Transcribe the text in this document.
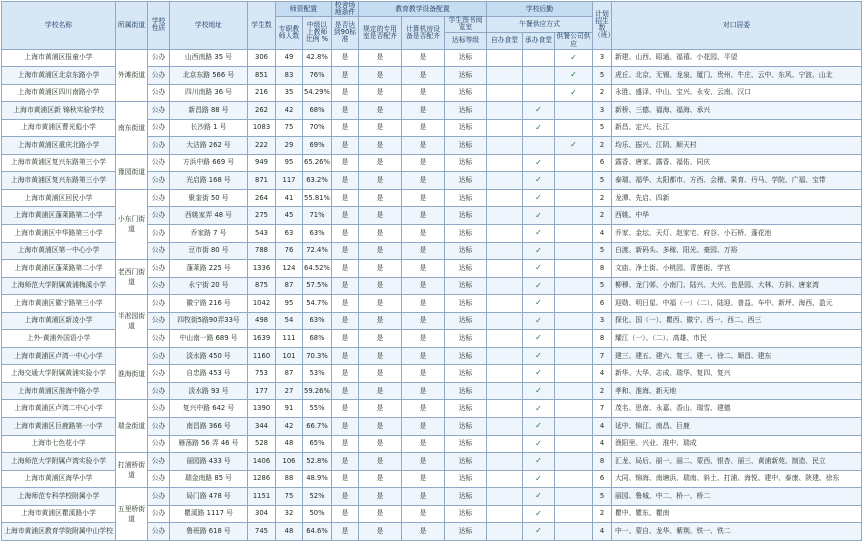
学校名称	所属街道	学校性质	学校地址	学生数	师资配置		校舍场地条件	教育教学设备配置			学校后勤			计划招生数（班）	对口居委
					专职教师人数	中级以上教师比例 %	是否达到90标准	规定的专用室是否配齐	计算机房设备是否配齐	学生图书阅览室	午餐供应方式				
										达标等级	自办食堂	承办食堂	供餐公司供应		
上海市黄浦区报童小学	外滩街道	公办	山西南路 35 号	306	49	42.8%	是	是	是	达标			✓	3	新建、山西、昭通、福禧、小花园、平望
上海市黄浦区北京东路小学		公办	北京东路 566 号	851	83	76%	是	是	是	达标			✓	5	虎丘、北京、无锡、龙泉、厦门、贵州、牛庄、云中、东风、宁波、山北
上海市黄浦区四川南路小学		公办	四川南路 36 号	216	35	54.29%	是	是	是	达标			✓	2	永胜、盛泽、中山、宝兴、永安、云南、汉口
上海市黄浦区新 锦秋实验学校	南东街道	公办	新昌路 88 号	262	42	68%	是	是	是	达标		✓		3	新桥、三德、福海、福海、承兴
上海市黄浦区曹光彪小学		公办	长沙路 1 号	1083	75	70%	是	是	是	达标		✓		5	新昌、定兴、长江
上海市黄浦区重庆北路小学		公办	大沽路 262 号	222	29	69%	是	是	是	达标			✓	2	均乐、振兴、江阴、顺天村
上海市黄浦区复兴东路第三小学	豫园街道	公办	方浜中路 669 号	949	95	65.26%	是	是	是	达标		✓		6	露香、唐家、露香、福佑、同庆
上海市黄浦区复兴东路第三小学		公办	光启路 168 号	871	117	63.2%	是	是	是	达标		✓		5	泰瑞、福华、太阳都市、方西、会稽、果育、丹马、学院、广福、宝带
上海市黄浦区回民小学	小东门街道	公办	聚奎街 50 号	264	41	55.81%	是	是	是	达标		✓		2	龙潭、先启、四新
上海市黄浦区蓬莱路第二小学		公办	西姚家弄 48 号	275	45	71%	是	是	是	达标		✓		2	西姚、中华
上海市黄浦区中华路第三小学		公办	乔家路 7 号	543	63	63%	是	是	是	达标		✓		4	乔家、金坛、天灯、赵家宅、府谷、小石桥、蓬花池
上海市黄浦区第一中心小学		公办	豆市街 80 号	788	76	72.4%	是	是	是	达标		✓		5	白渡、新码头、多稼、阳光、豪园、万裕
上海市黄浦区蓬莱路第二小学	老西门街道	公办	蓬莱路 225 号	1336	124	64.52%	是	是	是	达标		✓		8	文庙、净土街、小桃园、青莲街、学宫
上海师范大学附属黄浦梅溪小学		公办	永宁街 20 号	875	87	57.5%	是	是	是	达标		✓		5	柳穆、龙门邨、小南门、陆兴、大兴、也是园、大林、方斜、唐家湾
上海市黄浦区徽宁路第三小学	半淞园街道	公办	徽宁路 216 号	1042	95	54.7%	是	是	是	达标		✓		6	迎勋、明日星、中福（一）（二）、陆迎、普益、车中、新坪、海西、盈元
上海市黄浦区新凌小学		公办	四牧街5路90弄33号	498	54	63%	是	是	是	达标		✓		3	探化、国（一）、瞿西、徽宁、西一、西二、西三
上外-黄浦外国语小学		公办	中山南一路 689 号	1639	111	68%	是	是	是	达标		✓		8	耀江（一）、（二）、高雄、市民
上海市黄浦区卢湾一中心小学	淮海街道	公办	淡水路 450 号	1160	101	70.3%	是	是	是	达标		✓		7	建三、建五、建六、复三、建一、徐二、顺昌、建东
上海交通大学附属黄浦实验小学		公办	自忠路 453 号	753	87	53%	是	是	是	达标		✓		4	新华、大华、志成、瑞华、复四、复兴
上海市黄浦区淮海中路小学		公办	淡水路 93 号	177	27	59.26%	是	是	是	达标		✓		2	孝和、淮海、新天地
上海市黄浦区卢湾二中心小学	瑞金街道	公办	复兴中路 642 号	1390	91	55%	是	是	是	达标		✓		7	茂名、思南、永嘉、香山、瑞雪、建德
上海市黄浦区巨鹿路第一小学		公办	南昌路 366 号	344	42	66.7%	是	是	是	达标		✓		4	延中、锦江、南昌、巨鹿
上海市七色花小学		公办	雁荡路 56 弄 46 号	528	48	65%	是	是	是	达标		✓		4	渔阳里、兴业、淮中、瑞成
上海师范大学附属卢湾实验小学	打浦桥街道	公办	丽园路 433 号	1406	106	52.8%	是	是	是	达标		✓		8	汇龙、局后、丽一、丽二、蒙西、银杏、丽三、黄浦新苑、制造、民立
上海市黄浦区海华小学		公办	瑞金南路 85 号	1286	88	48.9%	是	是	是	达标		✓		6	大同、锦海、南塘浜、瑞南、斜土、打浦、海悦、建中、泰康、陕建、徐东
上海师范专科学校附属小学	五里桥街道	公办	局门路 478 号	1151	75	52%	是	是	是	达标		✓		5	丽园、鲁城、中二、桥一、桥二
上海市黄浦区瞿溪路小学		公办	瞿溪路 1117 号	304	32	50%	是	是	是	达标		✓		2	瞿中、瞿东、瞿南
上海市黄浦区教育学院附属中山学校		公办	鲁班路 618 号	745	48	64.6%	是	是	是	达标		✓		4	中一、蒙自、龙华、紫荆、铁一、铁二
